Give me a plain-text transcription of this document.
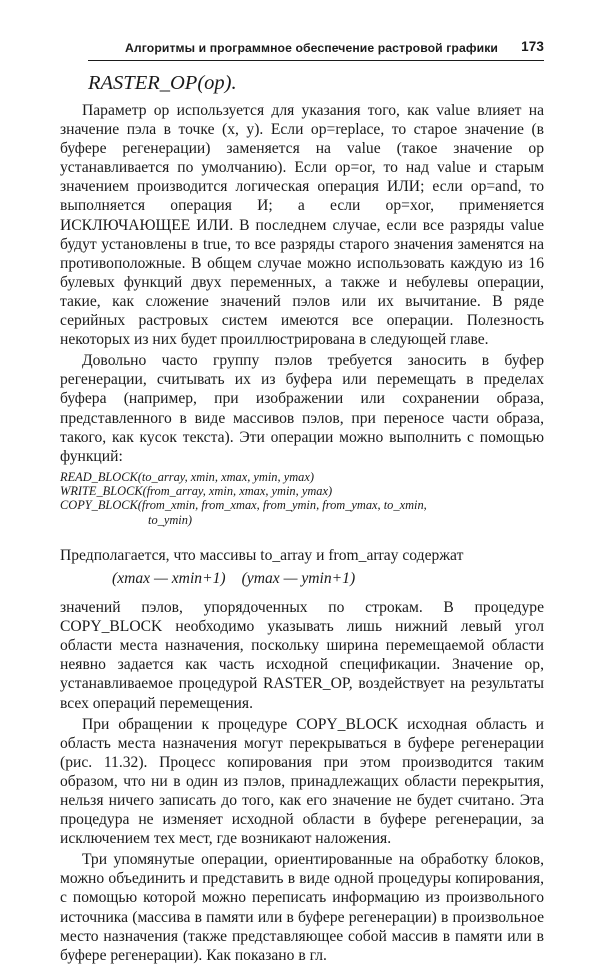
Алгоритмы и программное обеспечение растровой графики 173
RASTER_OP(op).

Параметр op используется для указания того, как value влияет на значение пэла в точке (x, y). Если op=replace, то старое значение (в буфере регенерации) заменяется на value (такое значение op устанавливается по умолчанию). Если op=or, то над value и старым значением производится логическая операция ИЛИ; если op=and, то выполняется операция И; а если op=xor, применяется ИСКЛЮЧАЮЩЕЕ ИЛИ. В последнем случае, если все разряды value будут установлены в true, то все разряды старого значения заменятся на противоположные. В общем случае можно использовать каждую из 16 булевых функций двух переменных, а также и небулевы операции, такие, как сложение значений пэлов или их вычитание. В ряде серийных растровых систем имеются все операции. Полезность некоторых из них будет проиллюстрирована в следующей главе.

Довольно часто группу пэлов требуется заносить в буфер регенерации, считывать их из буфера или перемещать в пределах буфера (например, при изображении или сохранении образа, представленного в виде массивов пэлов, при переносе части образа, такого, как кусок текста). Эти операции можно выполнить с помощью функций:

READ_BLOCK(to_array, xmin, xmax, ymin, ymax)
WRITE_BLOCK(from_array, xmin, xmax, ymin, ymax)
COPY_BLOCK(from_xmin, from_xmax, from_ymin, from_ymax, to_xmin,
to_ymin)

Предполагается, что массивы to_array и from_array содержат

(xmax — xmin+1) (ymax — ymin+1)

значений пэлов, упорядоченных по строкам. В процедуре COPY_BLOCK необходимо указывать лишь нижний левый угол области места назначения, поскольку ширина перемещаемой области неявно задается как часть исходной спецификации. Значение op, устанавливаемое процедурой RASTER_OP, воздействует на результаты всех операций перемещения.

При обращении к процедуре COPY_BLOCK исходная область и область места назначения могут перекрываться в буфере регенерации (рис. 11.32). Процесс копирования при этом производится таким образом, что ни в один из пэлов, принадлежащих области перекрытия, нельзя ничего записать до того, как его значение не будет считано. Эта процедура не изменяет исходной области в буфере регенерации, за исключением тех мест, где возникают наложения.

Три упомянутые операции, ориентированные на обработку блоков, можно объединить и представить в виде одной процедуры копирования, с помощью которой можно переписать информацию из произвольного источника (массива в памяти или в буфере регенерации) в произвольное место назначения (также представляющее собой массив в памяти или в буфере регенерации). Как показано в гл.
